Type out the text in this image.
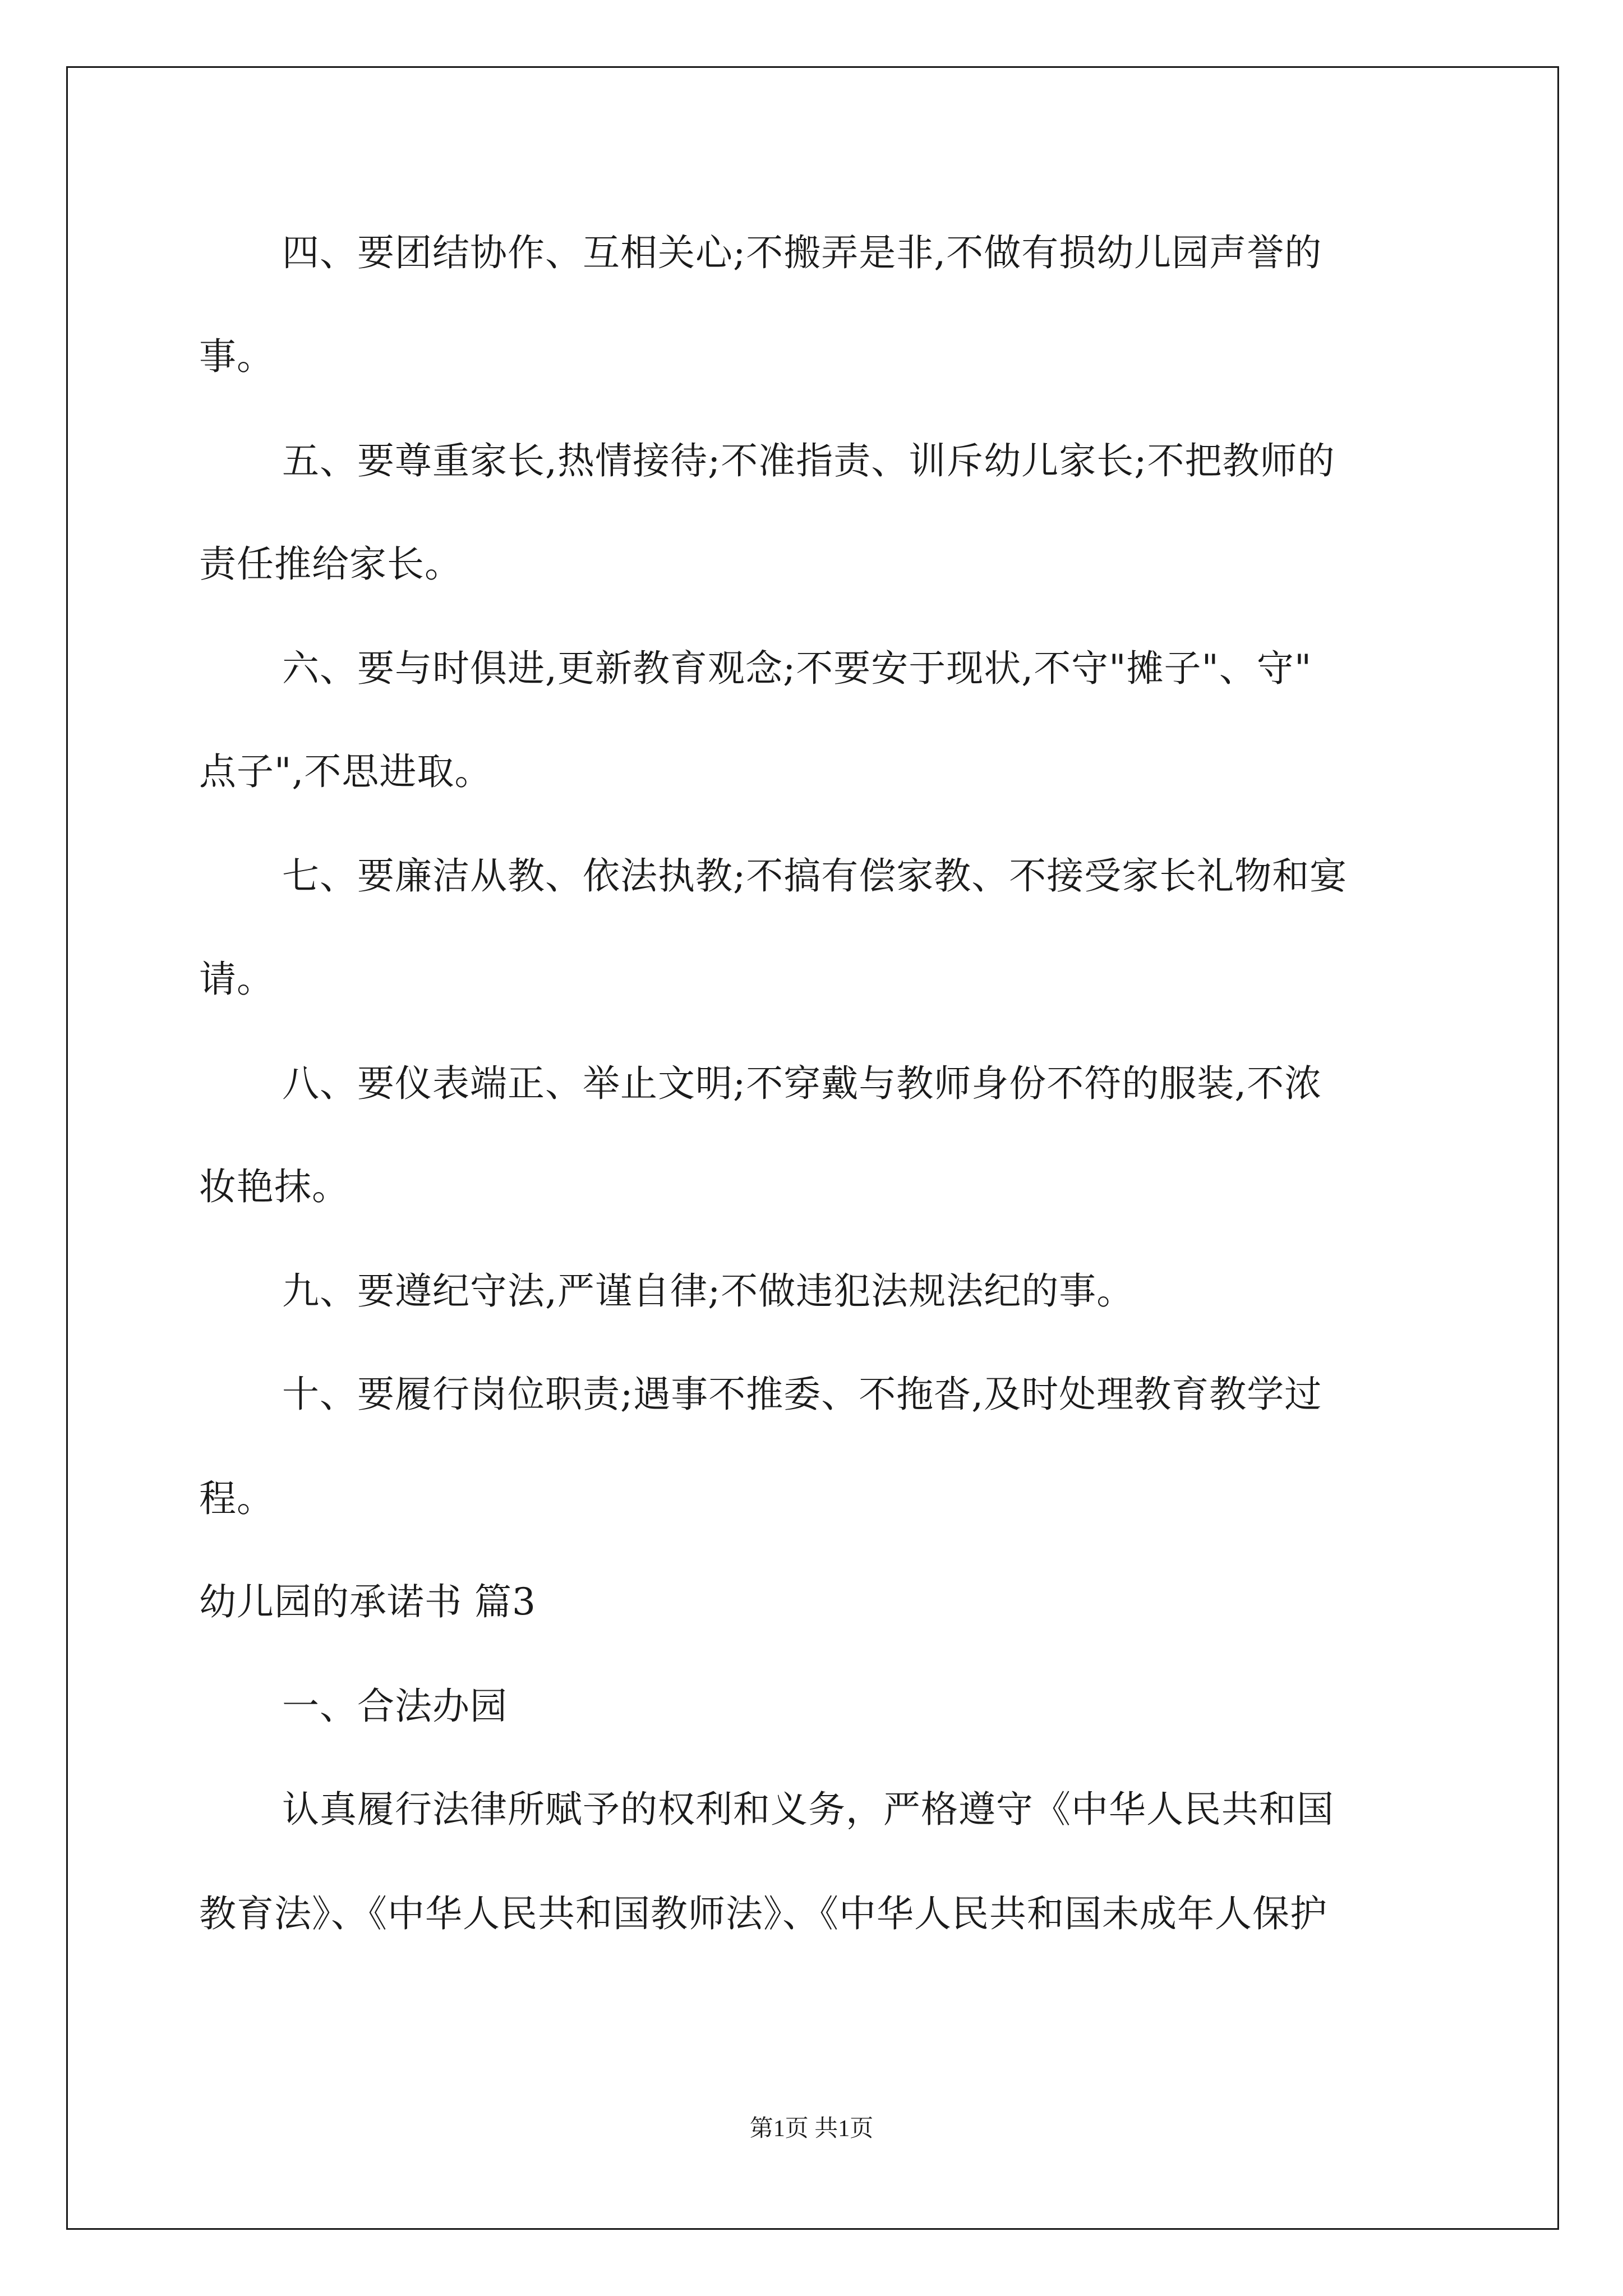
四、要团结协作、互相关心;不搬弄是非,不做有损幼儿园声誉的
事。
五、要尊重家长,热情接待;不准指责、训斥幼儿家长;不把教师的
责任推给家长。
六、要与时俱进,更新教育观念;不要安于现状,不守"摊子"、守"
点子",不思进取。
七、要廉洁从教、依法执教;不搞有偿家教、不接受家长礼物和宴
请。
八、要仪表端正、举止文明;不穿戴与教师身份不符的服装,不浓
妆艳抹。
九、要遵纪守法,严谨自律;不做违犯法规法纪的事。
十、要履行岗位职责;遇事不推委、不拖沓,及时处理教育教学过
程。
幼儿园的承诺书 篇3
一、合法办园
认真履行法律所赋予的权利和义务，严格遵守《中华人民共和国
教育法》、《中华人民共和国教师法》、《中华人民共和国未成年人保护
第1页 共1页
